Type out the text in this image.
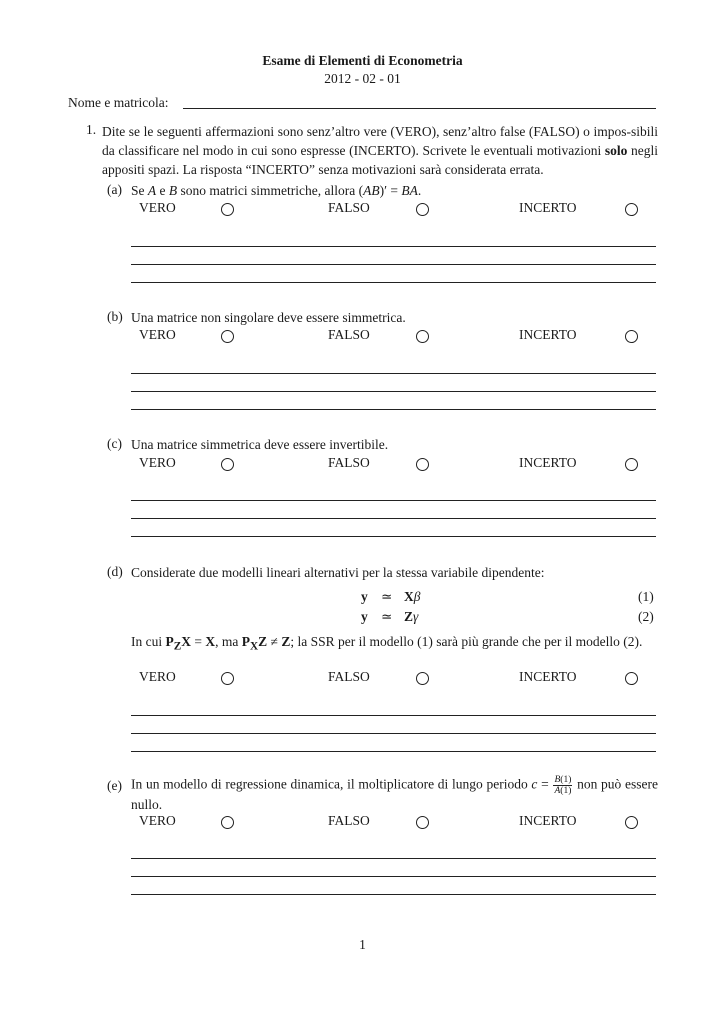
Esame di Elementi di Econometria
2012 - 02 - 01
Nome e matricola:
1. Dite se le seguenti affermazioni sono senz’altro vere (VERO), senz’altro false (FALSO) o impos-sibili da classificare nel modo in cui sono espresse (INCERTO). Scrivete le eventuali motivazioni solo negli appositi spazi. La risposta “INCERTO” senza motivazioni sarà considerata errata.
(a) Se A e B sono matrici simmetriche, allora (AB)′ = BA.
VERO	FALSO	INCERTO
(b) Una matrice non singolare deve essere simmetrica.
VERO	FALSO	INCERTO
(c) Una matrice simmetrica deve essere invertibile.
VERO	FALSO	INCERTO
(d) Considerate due modelli lineari alternativi per la stessa variabile dipendente:
y ≃ Xβ	(1)
y ≃ Zγ	(2)
In cui $P_ZX = X$, ma $P_XZ \ne Z$; la SSR per il modello (1) sarà più grande che per il modello (2).
VERO	FALSO	INCERTO
(e) In un modello di regressione dinamica, il moltiplicatore di lungo periodo $c = \frac{B(1)}{A(1)}$ non può essere nullo.
VERO	FALSO	INCERTO
1
